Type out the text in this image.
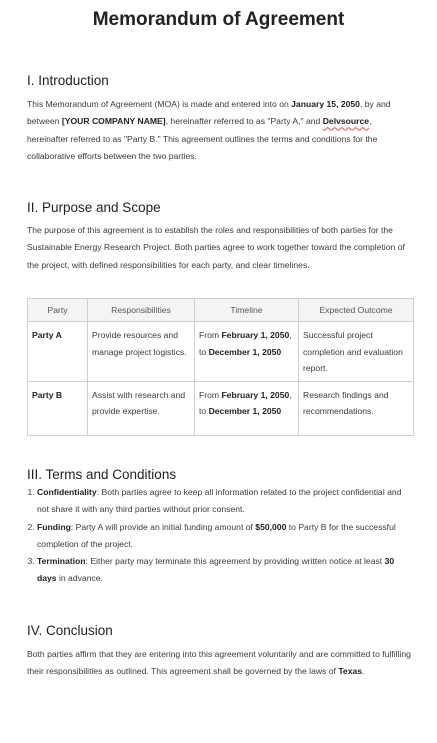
Memorandum of Agreement
I. Introduction

This Memorandum of Agreement (MOA) is made and entered into on January 15, 2050, by and between [YOUR COMPANY NAME], hereinafter referred to as "Party A," and Delvsource, hereinafter referred to as "Party B." This agreement outlines the terms and conditions for the collaborative efforts between the two parties.

II. Purpose and Scope

The purpose of this agreement is to establish the roles and responsibilities of both parties for the Sustainable Energy Research Project. Both parties agree to work together toward the completion of the project, with defined responsibilities for each party, and clear timelines.

Party	Responsibilities	Timeline	Expected Outcome
Party A	Provide resources and manage project logistics.	From February 1, 2050, to December 1, 2050	Successful project completion and evaluation report.
Party B	Assist with research and provide expertise.	From February 1, 2050, to December 1, 2050	Research findings and recommendations.
III. Terms and Conditions
1. Confidentiality: Both parties agree to keep all information related to the project confidential and not share it with any third parties without prior consent.
2. Funding: Party A will provide an initial funding amount of $50,000 to Party B for the successful completion of the project.
3. Termination: Either party may terminate this agreement by providing written notice at least 30 days in advance.
IV. Conclusion

Both parties affirm that they are entering into this agreement voluntarily and are committed to fulfilling their responsibilities as outlined. This agreement shall be governed by the laws of Texas.
